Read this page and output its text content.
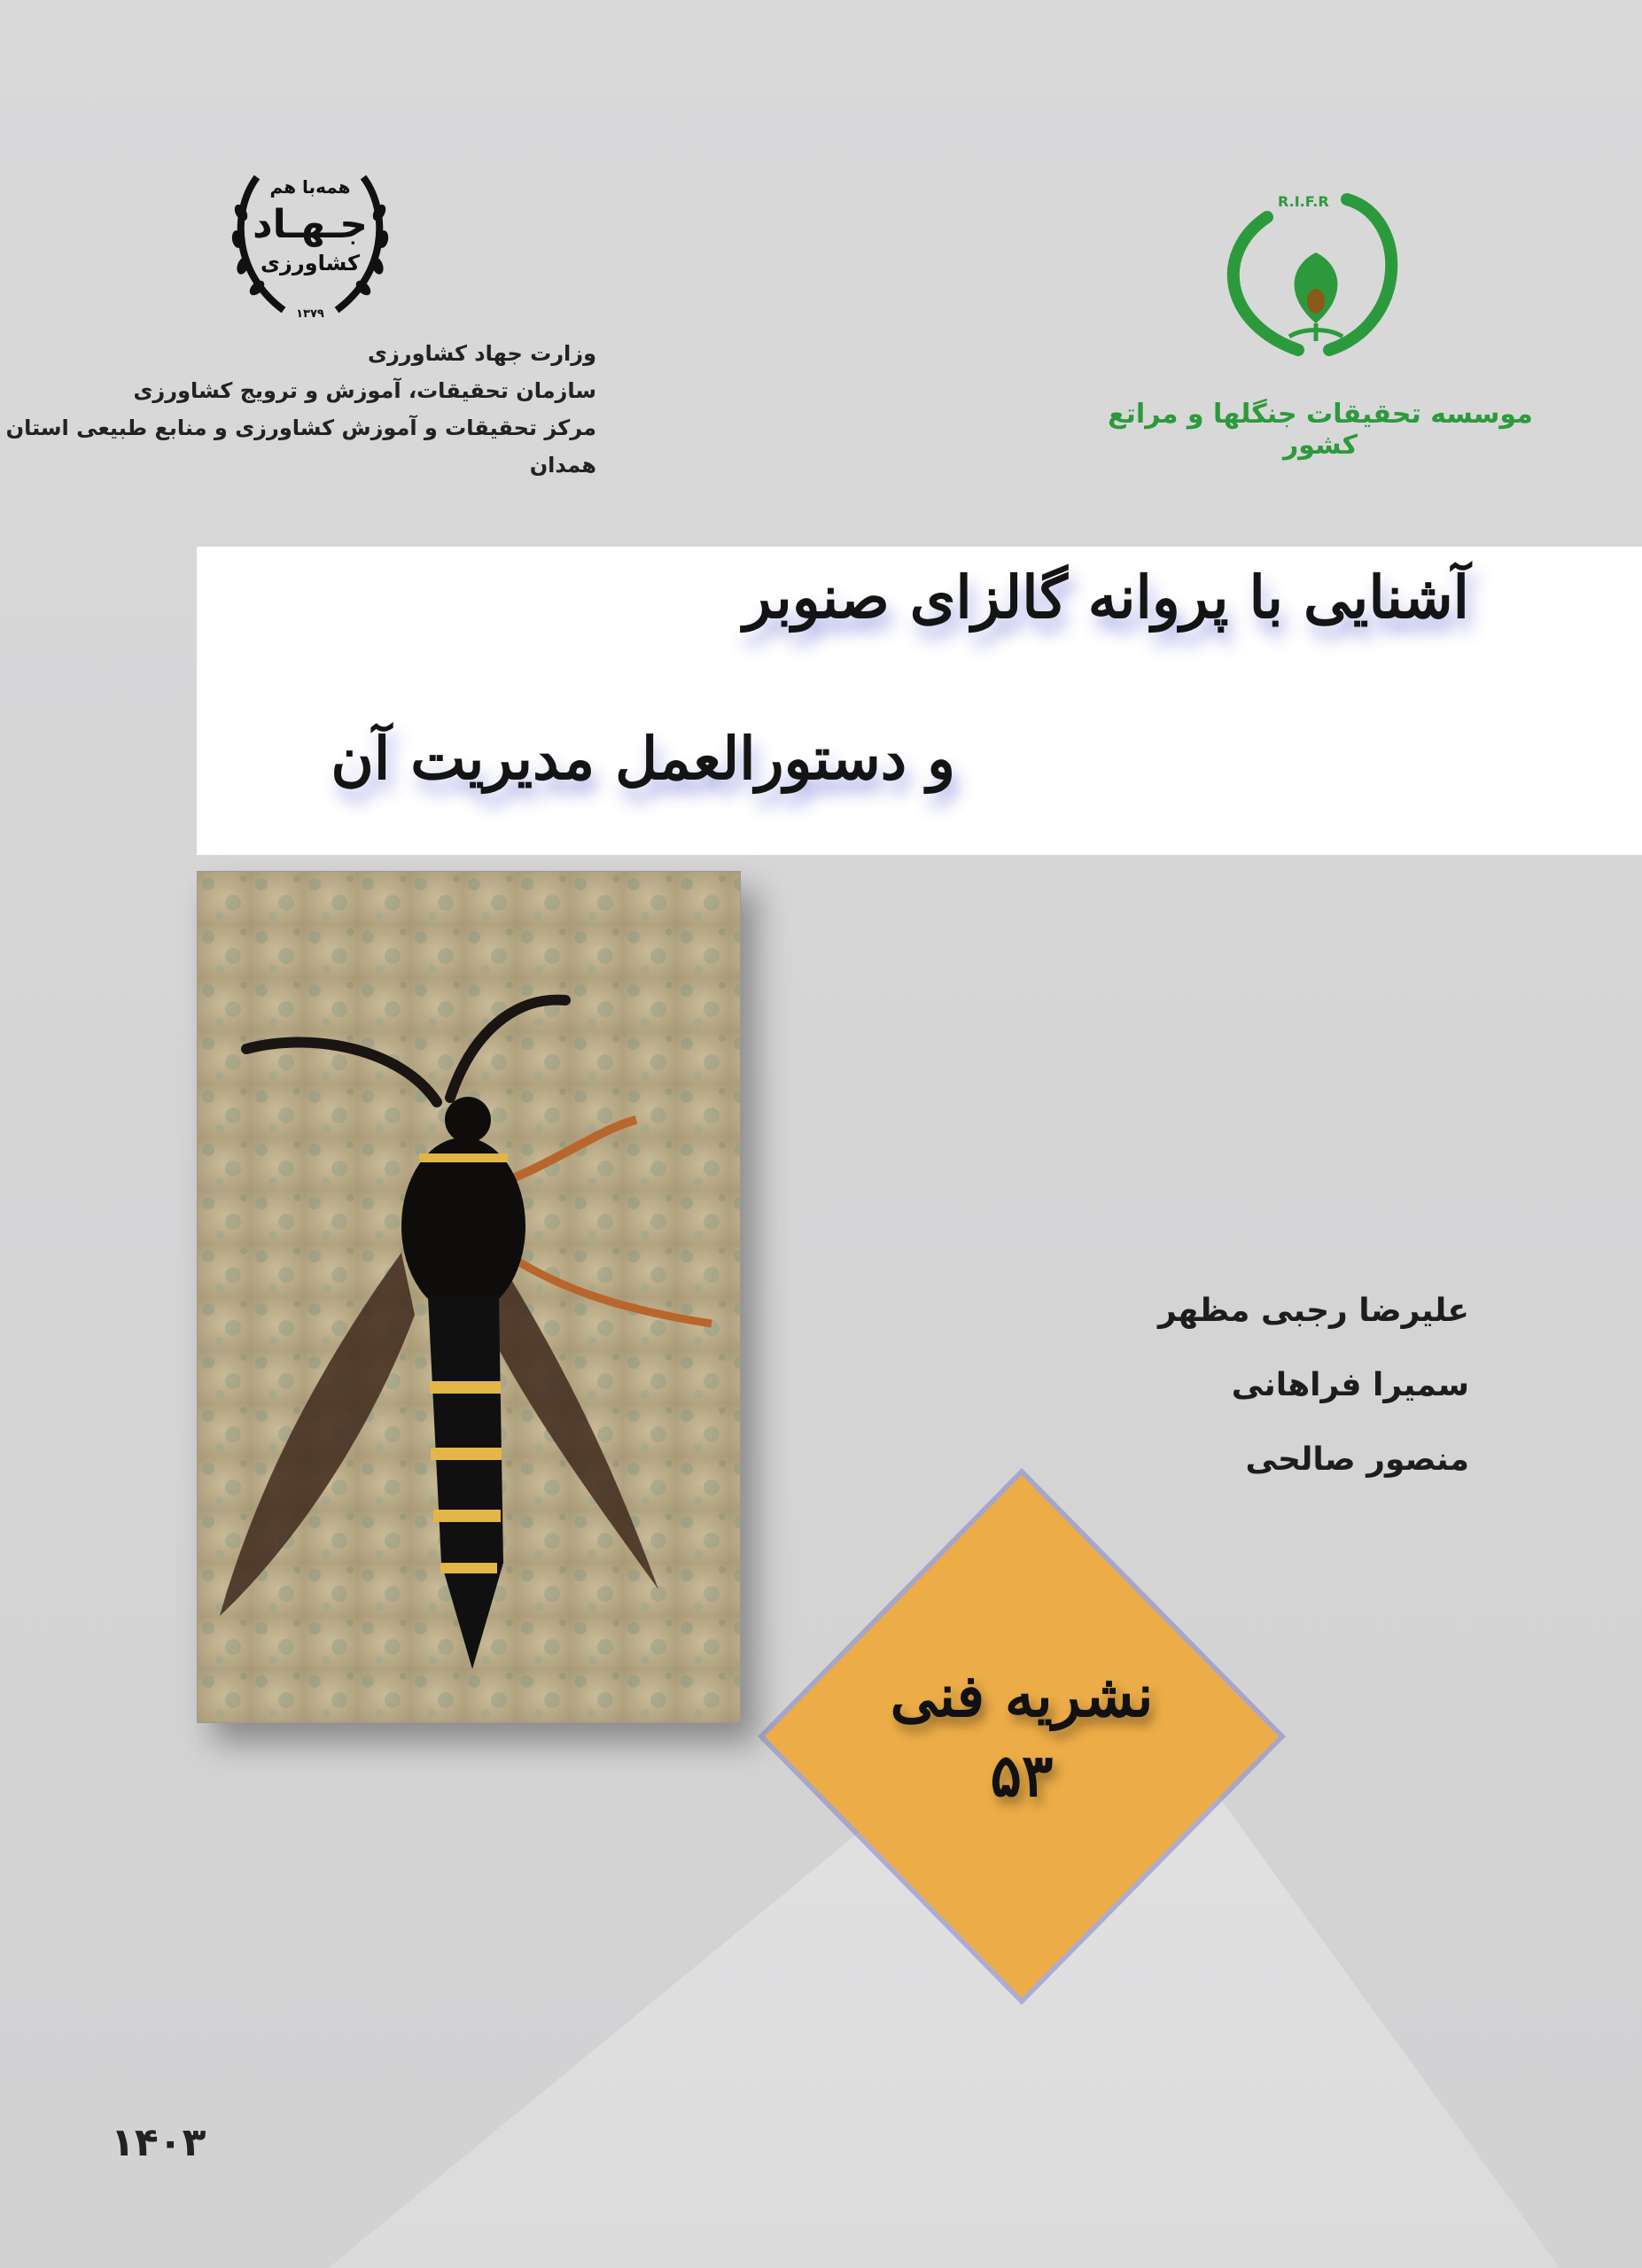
همه‌با هم
جـهـاد
کشاورزی
۱۳۷۹
وزارت جهاد کشاورزی
سازمان تحقیقات، آموزش و ترویج کشاورزی
مرکز تحقیقات و آموزش کشاورزی و منابع طبیعی استان همدان
R.I.F.R
موسسه تحقیقات جنگلها و مراتع کشور
آشنایی با پروانه گالزای صنوبر
و دستورالعمل مدیریت آن
علیرضا رجبی مظهر
سمیرا فراهانی
منصور صالحی
نشریه فنی
۵۳
۱۴۰۳
